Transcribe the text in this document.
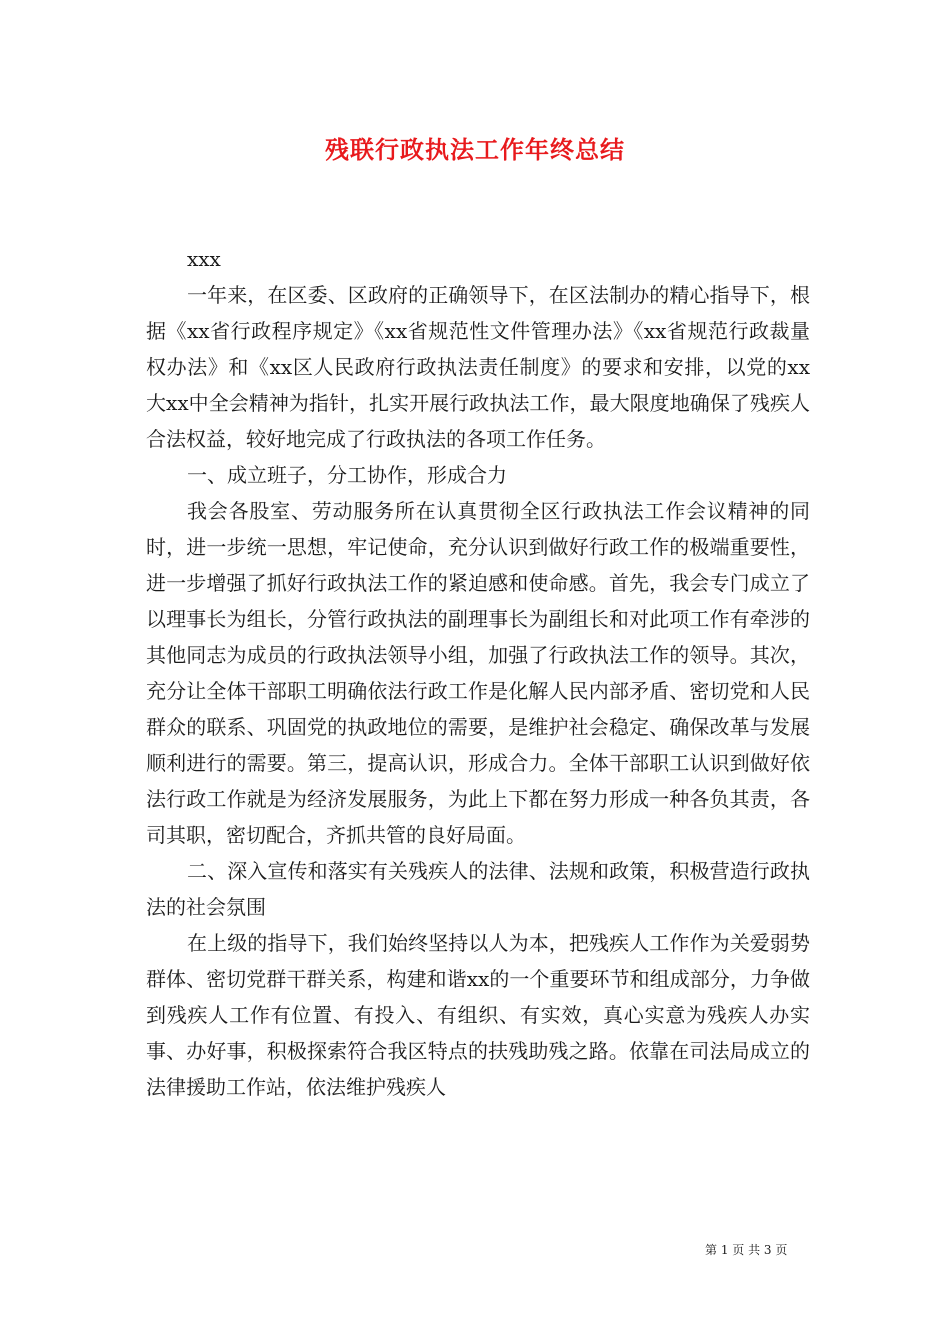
残联行政执法工作年终总结

xxx

一年来，在区委、区政府的正确领导下，在区法制办的精心指导下，根据《xx省行政程序规定》《xx省规范性文件管理办法》《xx省规范行政裁量权办法》和《xx区人民政府行政执法责任制度》的要求和安排，以党的xx大xx中全会精神为指针，扎实开展行政执法工作，最大限度地确保了残疾人合法权益，较好地完成了行政执法的各项工作任务。

一、成立班子，分工协作，形成合力

我会各股室、劳动服务所在认真贯彻全区行政执法工作会议精神的同时，进一步统一思想，牢记使命，充分认识到做好行政工作的极端重要性，进一步增强了抓好行政执法工作的紧迫感和使命感。首先，我会专门成立了以理事长为组长，分管行政执法的副理事长为副组长和对此项工作有牵涉的其他同志为成员的行政执法领导小组，加强了行政执法工作的领导。其次，充分让全体干部职工明确依法行政工作是化解人民内部矛盾、密切党和人民群众的联系、巩固党的执政地位的需要，是维护社会稳定、确保改革与发展顺利进行的需要。第三，提高认识，形成合力。全体干部职工认识到做好依法行政工作就是为经济发展服务，为此上下都在努力形成一种各负其责，各司其职，密切配合，齐抓共管的良好局面。

二、深入宣传和落实有关残疾人的法律、法规和政策，积极营造行政执法的社会氛围

在上级的指导下，我们始终坚持以人为本，把残疾人工作作为关爱弱势群体、密切党群干群关系，构建和谐xx的一个重要环节和组成部分，力争做到残疾人工作有位置、有投入、有组织、有实效，真心实意为残疾人办实事、办好事，积极探索符合我区特点的扶残助残之路。依靠在司法局成立的法律援助工作站，依法维护残疾人

第 1 页 共 3 页
